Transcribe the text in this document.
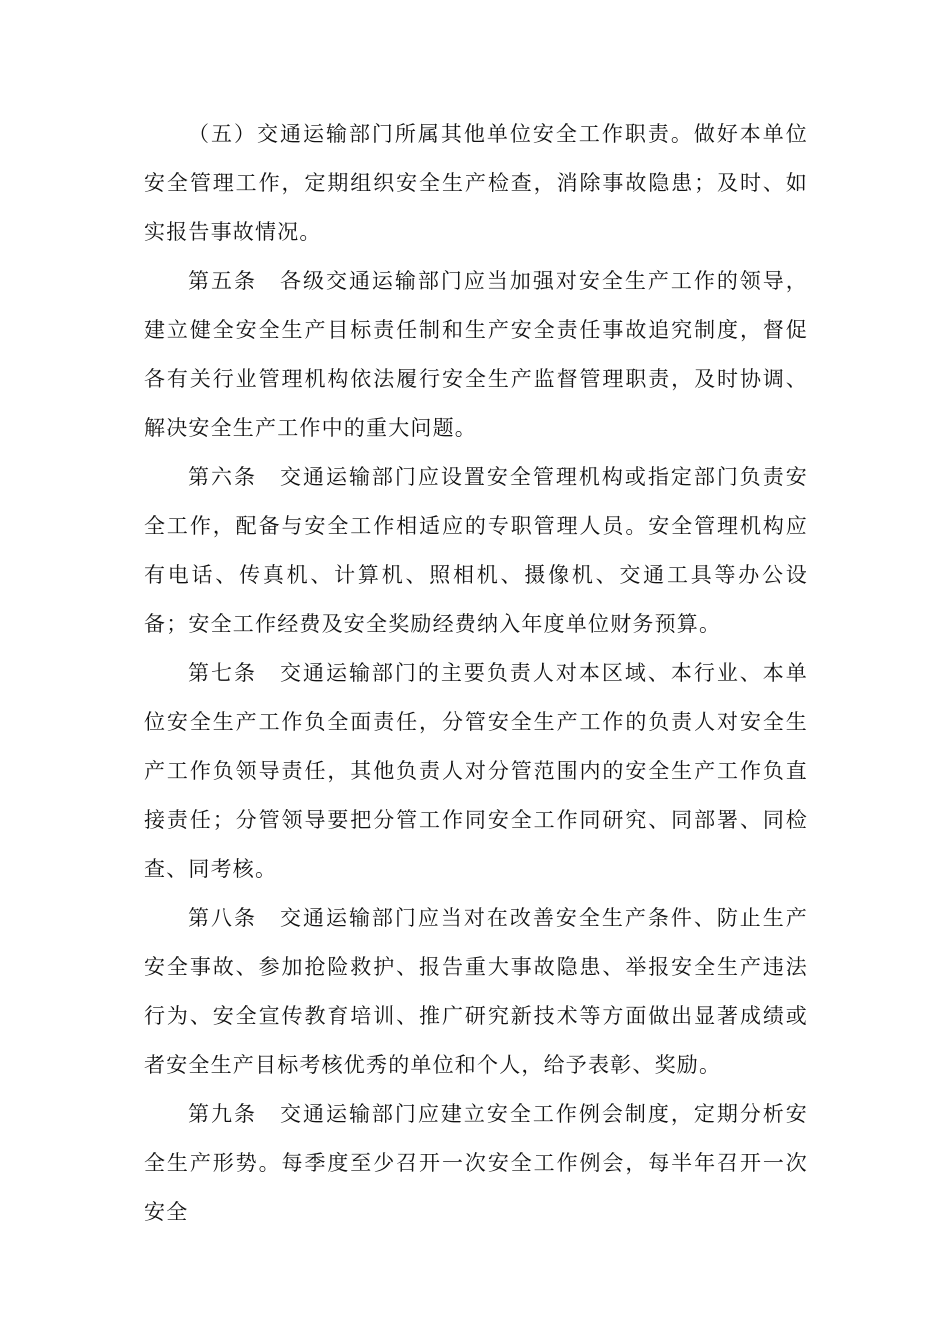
（五）交通运输部门所属其他单位安全工作职责。做好本单位安全管理工作，定期组织安全生产检查，消除事故隐患；及时、如实报告事故情况。

第五条　各级交通运输部门应当加强对安全生产工作的领导，建立健全安全生产目标责任制和生产安全责任事故追究制度，督促各有关行业管理机构依法履行安全生产监督管理职责，及时协调、解决安全生产工作中的重大问题。

第六条　交通运输部门应设置安全管理机构或指定部门负责安全工作，配备与安全工作相适应的专职管理人员。安全管理机构应有电话、传真机、计算机、照相机、摄像机、交通工具等办公设备；安全工作经费及安全奖励经费纳入年度单位财务预算。

第七条　交通运输部门的主要负责人对本区域、本行业、本单位安全生产工作负全面责任，分管安全生产工作的负责人对安全生产工作负领导责任，其他负责人对分管范围内的安全生产工作负直接责任；分管领导要把分管工作同安全工作同研究、同部署、同检查、同考核。

第八条　交通运输部门应当对在改善安全生产条件、防止生产安全事故、参加抢险救护、报告重大事故隐患、举报安全生产违法行为、安全宣传教育培训、推广研究新技术等方面做出显著成绩或者安全生产目标考核优秀的单位和个人，给予表彰、奖励。

第九条　交通运输部门应建立安全工作例会制度，定期分析安全生产形势。每季度至少召开一次安全工作例会，每半年召开一次安全
